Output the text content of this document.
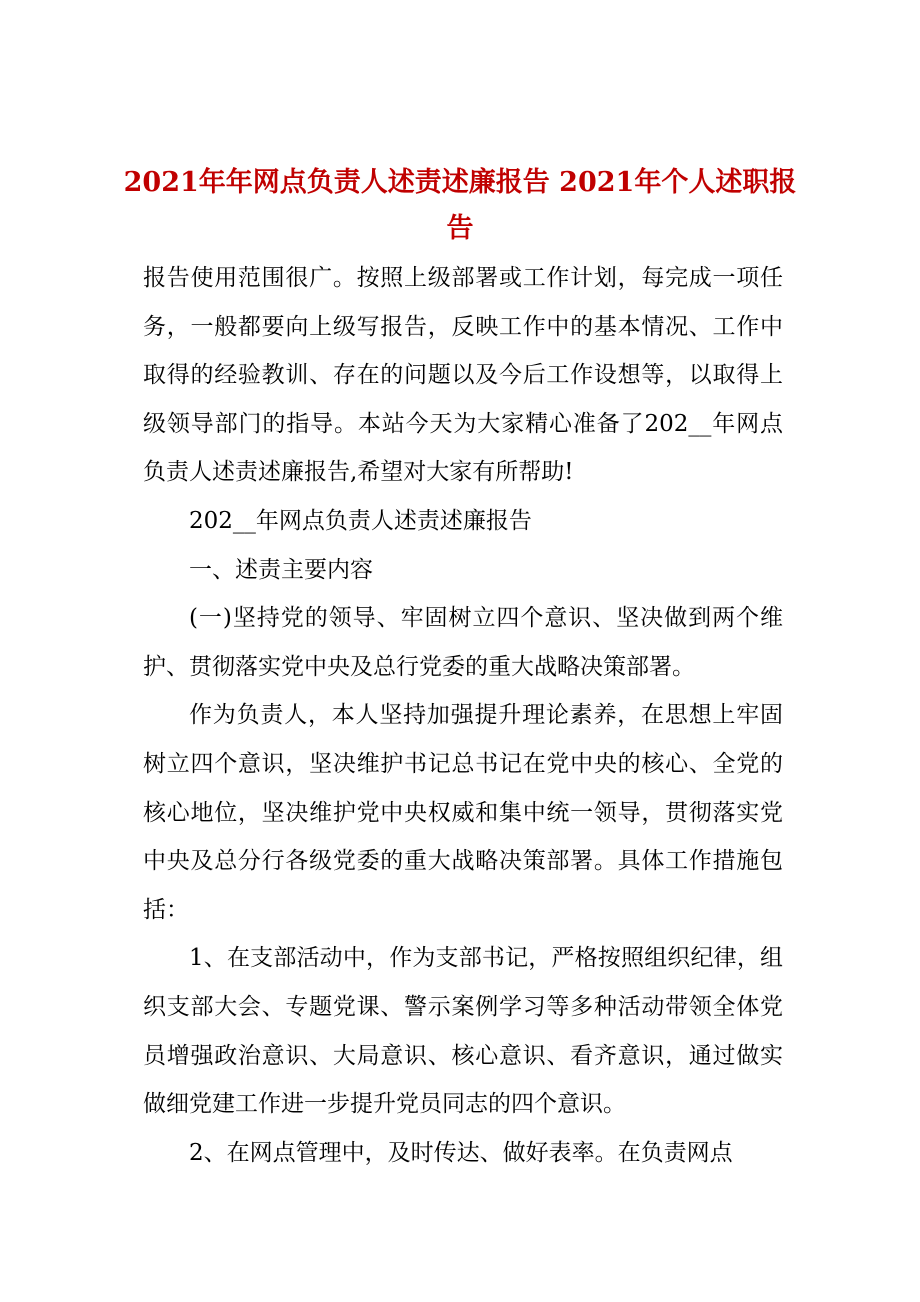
2021年年网点负责人述责述廉报告 2021年个人述职报告

报告使用范围很广。按照上级部署或工作计划，每完成一项任务，一般都要向上级写报告，反映工作中的基本情况、工作中取得的经验教训、存在的问题以及今后工作设想等，以取得上级领导部门的指导。本站今天为大家精心准备了202__年网点负责人述责述廉报告,希望对大家有所帮助!

202__年网点负责人述责述廉报告

一、述责主要内容

(一)坚持党的领导、牢固树立四个意识、坚决做到两个维护、贯彻落实党中央及总行党委的重大战略决策部署。

作为负责人，本人坚持加强提升理论素养，在思想上牢固树立四个意识，坚决维护书记总书记在党中央的核心、全党的核心地位，坚决维护党中央权威和集中统一领导，贯彻落实党中央及总分行各级党委的重大战略决策部署。具体工作措施包括：

1、在支部活动中，作为支部书记，严格按照组织纪律，组织支部大会、专题党课、警示案例学习等多种活动带领全体党员增强政治意识、大局意识、核心意识、看齐意识，通过做实做细党建工作进一步提升党员同志的四个意识。

2、在网点管理中，及时传达、做好表率。在负责网点
